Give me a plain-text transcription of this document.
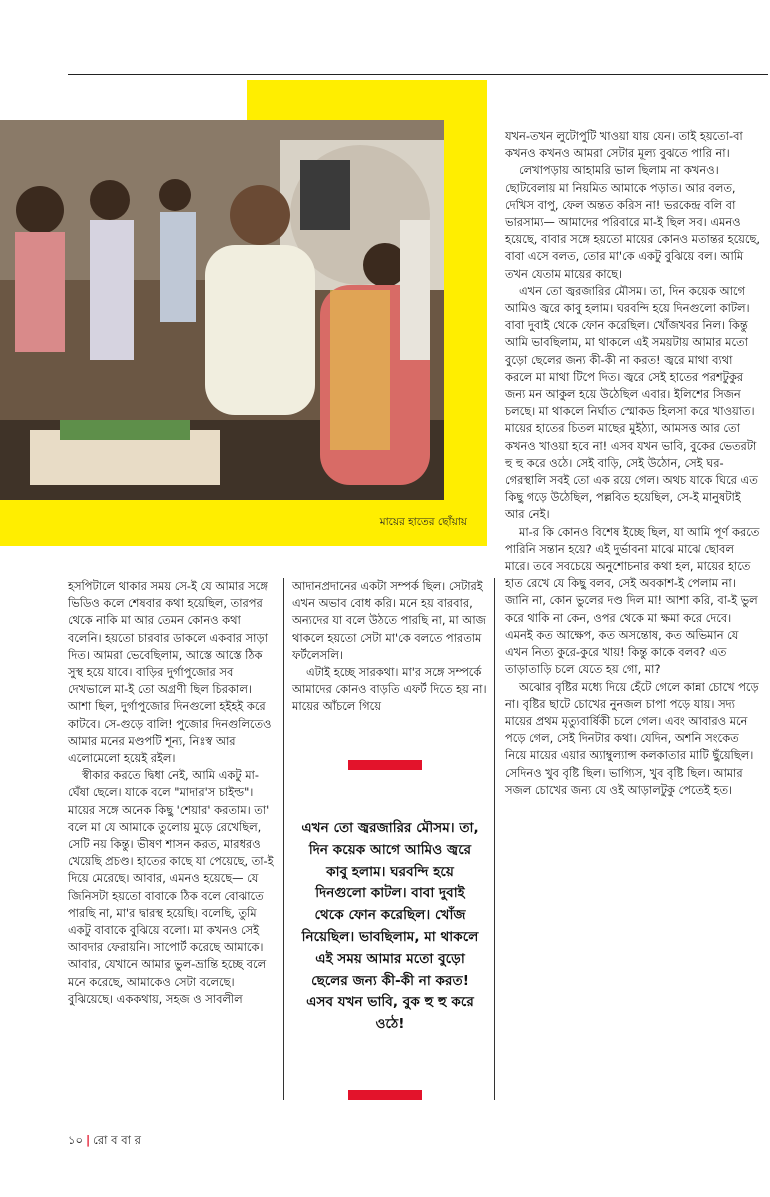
মায়ের হাতের ছোঁয়ায়

যখন-তখন লুটোপুটি খাওয়া যায় যেন। তাই হয়তো-বা কখনও কখনও আমরা সেটার মূল্য বুঝতে পারি না।

লেখাপড়ায় আহামরি ভাল ছিলাম না কখনও। ছোটবেলায় মা নিয়মিত আমাকে পড়াত। আর বলত, দেখিস বাপু, ফেল অন্তত করিস না! ভরকেন্দ্র বলি বা ভারসাম্য— আমাদের পরিবারে মা-ই ছিল সব। এমনও হয়েছে, বাবার সঙ্গে হয়তো মায়ের কোনও মতান্তর হয়েছে, বাবা এসে বলত, তোর মা'কে একটু বুঝিয়ে বল। আমি তখন যেতাম মায়ের কাছে।

এখন তো জ্বরজারির মৌসম। তা, দিন কয়েক আগে আমিও জ্বরে কাবু হলাম। ঘরবন্দি হয়ে দিনগুলো কাটল। বাবা দুবাই থেকে ফোন করেছিল। খোঁজখবর নিল। কিন্তু আমি ভাবছিলাম, মা থাকলে এই সময়টায় আমার মতো বুড়ো ছেলের জন্য কী-কী না করত! জ্বরে মাথা ব্যথা করলে মা মাথা টিপে দিত। জ্বরে সেই হাতের পরশটুকুর জন্য মন আকুল হয়ে উঠেছিল এবার। ইলিশের সিজন চলছে। মা থাকলে নির্ঘাত স্মোকড হিলসা করে খাওয়াত। মায়ের হাতের চিতল মাছের মুইঠ্যা, আমসত্ত আর তো কখনও খাওয়া হবে না! এসব যখন ভাবি, বুকের ভেতরটা হু হু করে ওঠে। সেই বাড়ি, সেই উঠোন, সেই ঘর-গেরস্থালি সবই তো এক রয়ে গেল। অথচ যাকে ঘিরে এত কিছু গড়ে উঠেছিল, পল্লবিত হয়েছিল, সে-ই মানুষটাই আর নেই।

মা-র কি কোনও বিশেষ ইচ্ছে ছিল, যা আমি পূর্ণ করতে পারিনি সন্তান হয়ে? এই দুর্ভাবনা মাঝে মাঝে ছোবল মারে। তবে সবচেয়ে অনুশোচনার কথা হল, মায়ের হাতে হাত রেখে যে কিছু বলব, সেই অবকাশ-ই পেলাম না। জানি না, কোন ভুলের দণ্ড দিল মা! আশা করি, বা-ই ভুল করে থাকি না কেন, ওপর থেকে মা ক্ষমা করে দেবে। এমনই কত আক্ষেপ, কত অসন্তোষ, কত অভিমান যে এখন নিত্য কুরে-কুরে খায়! কিন্তু কাকে বলব? এত তাড়াতাড়ি চলে যেতে হয় গো, মা?

অঝোর বৃষ্টির মধ্যে দিয়ে হেঁটে গেলে কান্না চোখে পড়ে না। বৃষ্টির ছাটে চোখের নুনজল চাপা পড়ে যায়। সদ্য মায়ের প্রথম মৃত্যুবার্ষিকী চলে গেল। এবং আবারও মনে পড়ে গেল, সেই দিনটার কথা। যেদিন, অশনি সংকেত নিয়ে মায়ের এয়ার অ্যাম্বুল্যান্স কলকাতার মাটি ছুঁয়েছিল। সেদিনও খুব বৃষ্টি ছিল। ভাগ্যিস, খুব বৃষ্টি ছিল। আমার সজল চোখের জন্য যে ওই আড়ালটুকু পেতেই হত।

হসপিটালে থাকার সময় সে-ই যে আমার সঙ্গে ভিডিও কলে শেষবার কথা হয়েছিল, তারপর থেকে নাকি মা আর তেমন কোনও কথা বলেনি। হয়তো চারবার ডাকলে একবার সাড়া দিত। আমরা ভেবেছিলাম, আস্তে আস্তে ঠিক সুস্থ হয়ে যাবে। বাড়ির দুর্গাপুজোর সব দেখভালে মা-ই তো অগ্রণী ছিল চিরকাল। আশা ছিল, দুর্গাপুজোর দিনগুলো হইহই করে কাটবে। সে-গুড়ে বালি! পুজোর দিনগুলিতেও আমার মনের মণ্ডপটি শূন্য, নিঃস্ব আর এলোমেলো হয়েই রইল।

স্বীকার করতে দ্বিধা নেই, আমি একটু মা-ঘেঁষা ছেলে। যাকে বলে "মাদার'স চাইল্ড"। মায়ের সঙ্গে অনেক কিছু 'শেয়ার' করতাম। তা' বলে মা যে আমাকে তুলোয় মুড়ে রেখেছিল, সেটি নয় কিন্তু। ভীষণ শাসন করত, মারধরও খেয়েছি প্রচণ্ড। হাতের কাছে যা পেয়েছে, তা-ই দিয়ে মেরেছে। আবার, এমনও হয়েছে— যে জিনিসটা হয়তো বাবাকে ঠিক বলে বোঝাতে পারছি না, মা'র দ্বারস্থ হয়েছি। বলেছি, তুমি একটু বাবাকে বুঝিয়ে বলো। মা কখনও সেই আবদার ফেরায়নি। সাপোর্ট করেছে আমাকে। আবার, যেখানে আমার ভুল-ভ্রান্তি হচ্ছে বলে মনে করেছে, আমাকেও সেটা বলেছে। বুঝিয়েছে। এককথায়, সহজ ও সাবলীল

আদানপ্রদানের একটা সম্পর্ক ছিল। সেটারই এখন অভাব বোধ করি। মনে হয় বারবার, অন্যদের যা বলে উঠতে পারছি না, মা আজ থাকলে হয়তো সেটা মা'কে বলতে পারতাম ফর্টলেসলি।

এটাই হচ্ছে সারকথা। মা'র সঙ্গে সম্পর্কে আমাদের কোনও বাড়তি এফর্ট দিতে হয় না। মায়ের আঁচলে গিয়ে

এখন তো জ্বরজারির মৌসম। তা, দিন কয়েক আগে আমিও জ্বরে কাবু হলাম। ঘরবন্দি হয়ে দিনগুলো কাটল। বাবা দুবাই থেকে ফোন করেছিল। খোঁজ নিয়েছিল। ভাবছিলাম, মা থাকলে এই সময় আমার মতো বুড়ো ছেলের জন্য কী-কী না করত! এসব যখন ভাবি, বুক হু হু করে ওঠে!
১০ | রো ব বা র
